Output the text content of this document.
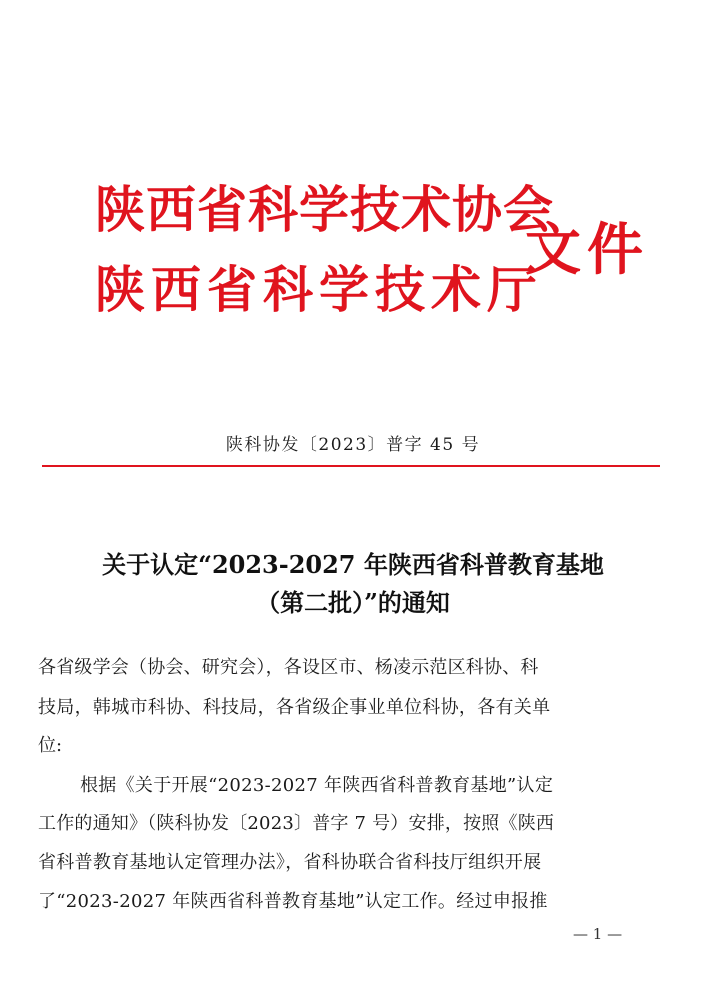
陕西省科学技术协会
陕西省科学技术厅
文件
陕科协发〔2023〕普字 45 号
关于认定“2023-2027 年陕西省科普教育基地
（第二批）”的通知
各省级学会（协会、研究会），各设区市、杨凌示范区科协、科
技局，韩城市科协、科技局，各省级企事业单位科协，各有关单
位:
根据《关于开展“2023-2027 年陕西省科普教育基地”认定
工作的通知》（陕科协发〔2023〕普字 7 号）安排，按照《陕西
省科普教育基地认定管理办法》，省科协联合省科技厅组织开展
了“2023-2027 年陕西省科普教育基地”认定工作。经过申报推
— 1 —
